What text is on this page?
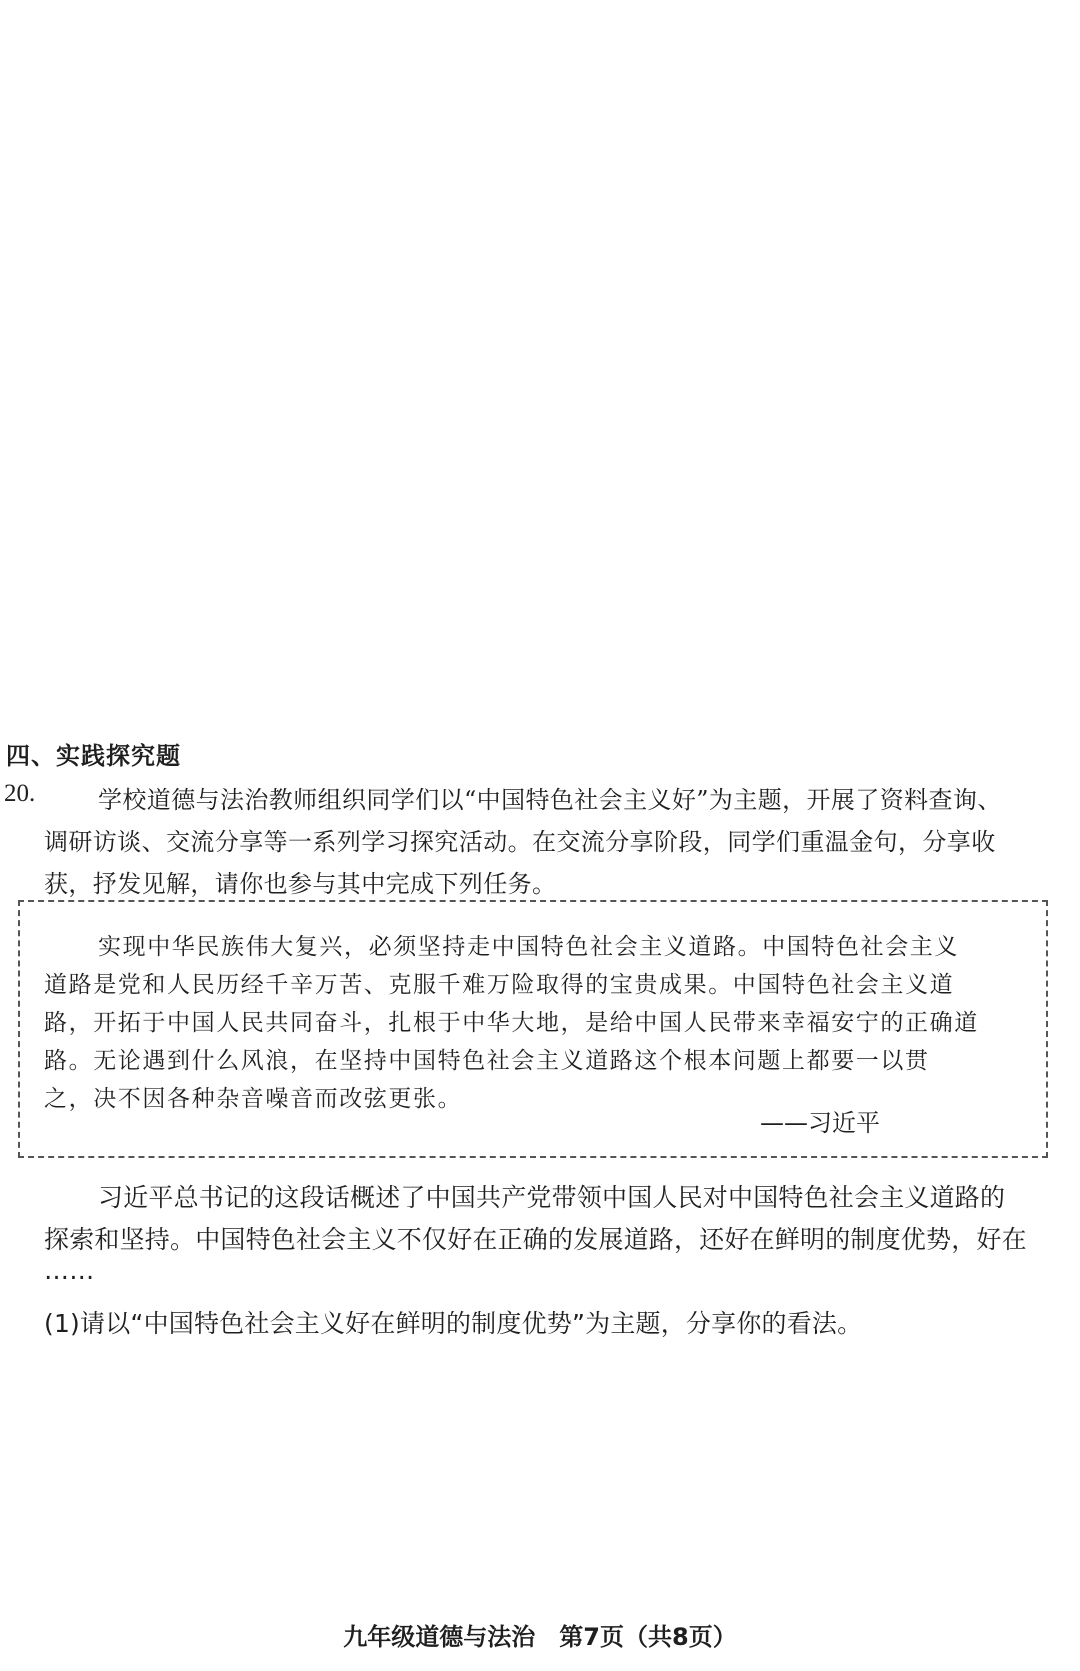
四、实践探究题
20.	学校道德与法治教师组织同学们以“中国特色社会主义好”为主题，开展了资料查询、
调研访谈、交流分享等一系列学习探究活动。在交流分享阶段，同学们重温金句，分享收
获，抒发见解，请你也参与其中完成下列任务。
实现中华民族伟大复兴，必须坚持走中国特色社会主义道路。中国特色社会主义
道路是党和人民历经千辛万苦、克服千难万险取得的宝贵成果。中国特色社会主义道
路，开拓于中国人民共同奋斗，扎根于中华大地，是给中国人民带来幸福安宁的正确道
路。无论遇到什么风浪，在坚持中国特色社会主义道路这个根本问题上都要一以贯
之，决不因各种杂音噪音而改弦更张。
——习近平
习近平总书记的这段话概述了中国共产党带领中国人民对中国特色社会主义道路的
探索和坚持。中国特色社会主义不仅好在正确的发展道路，还好在鲜明的制度优势，好在
……
(1)请以“中国特色社会主义好在鲜明的制度优势”为主题，分享你的看法。
九年级道德与法治　第7页（共8页）
